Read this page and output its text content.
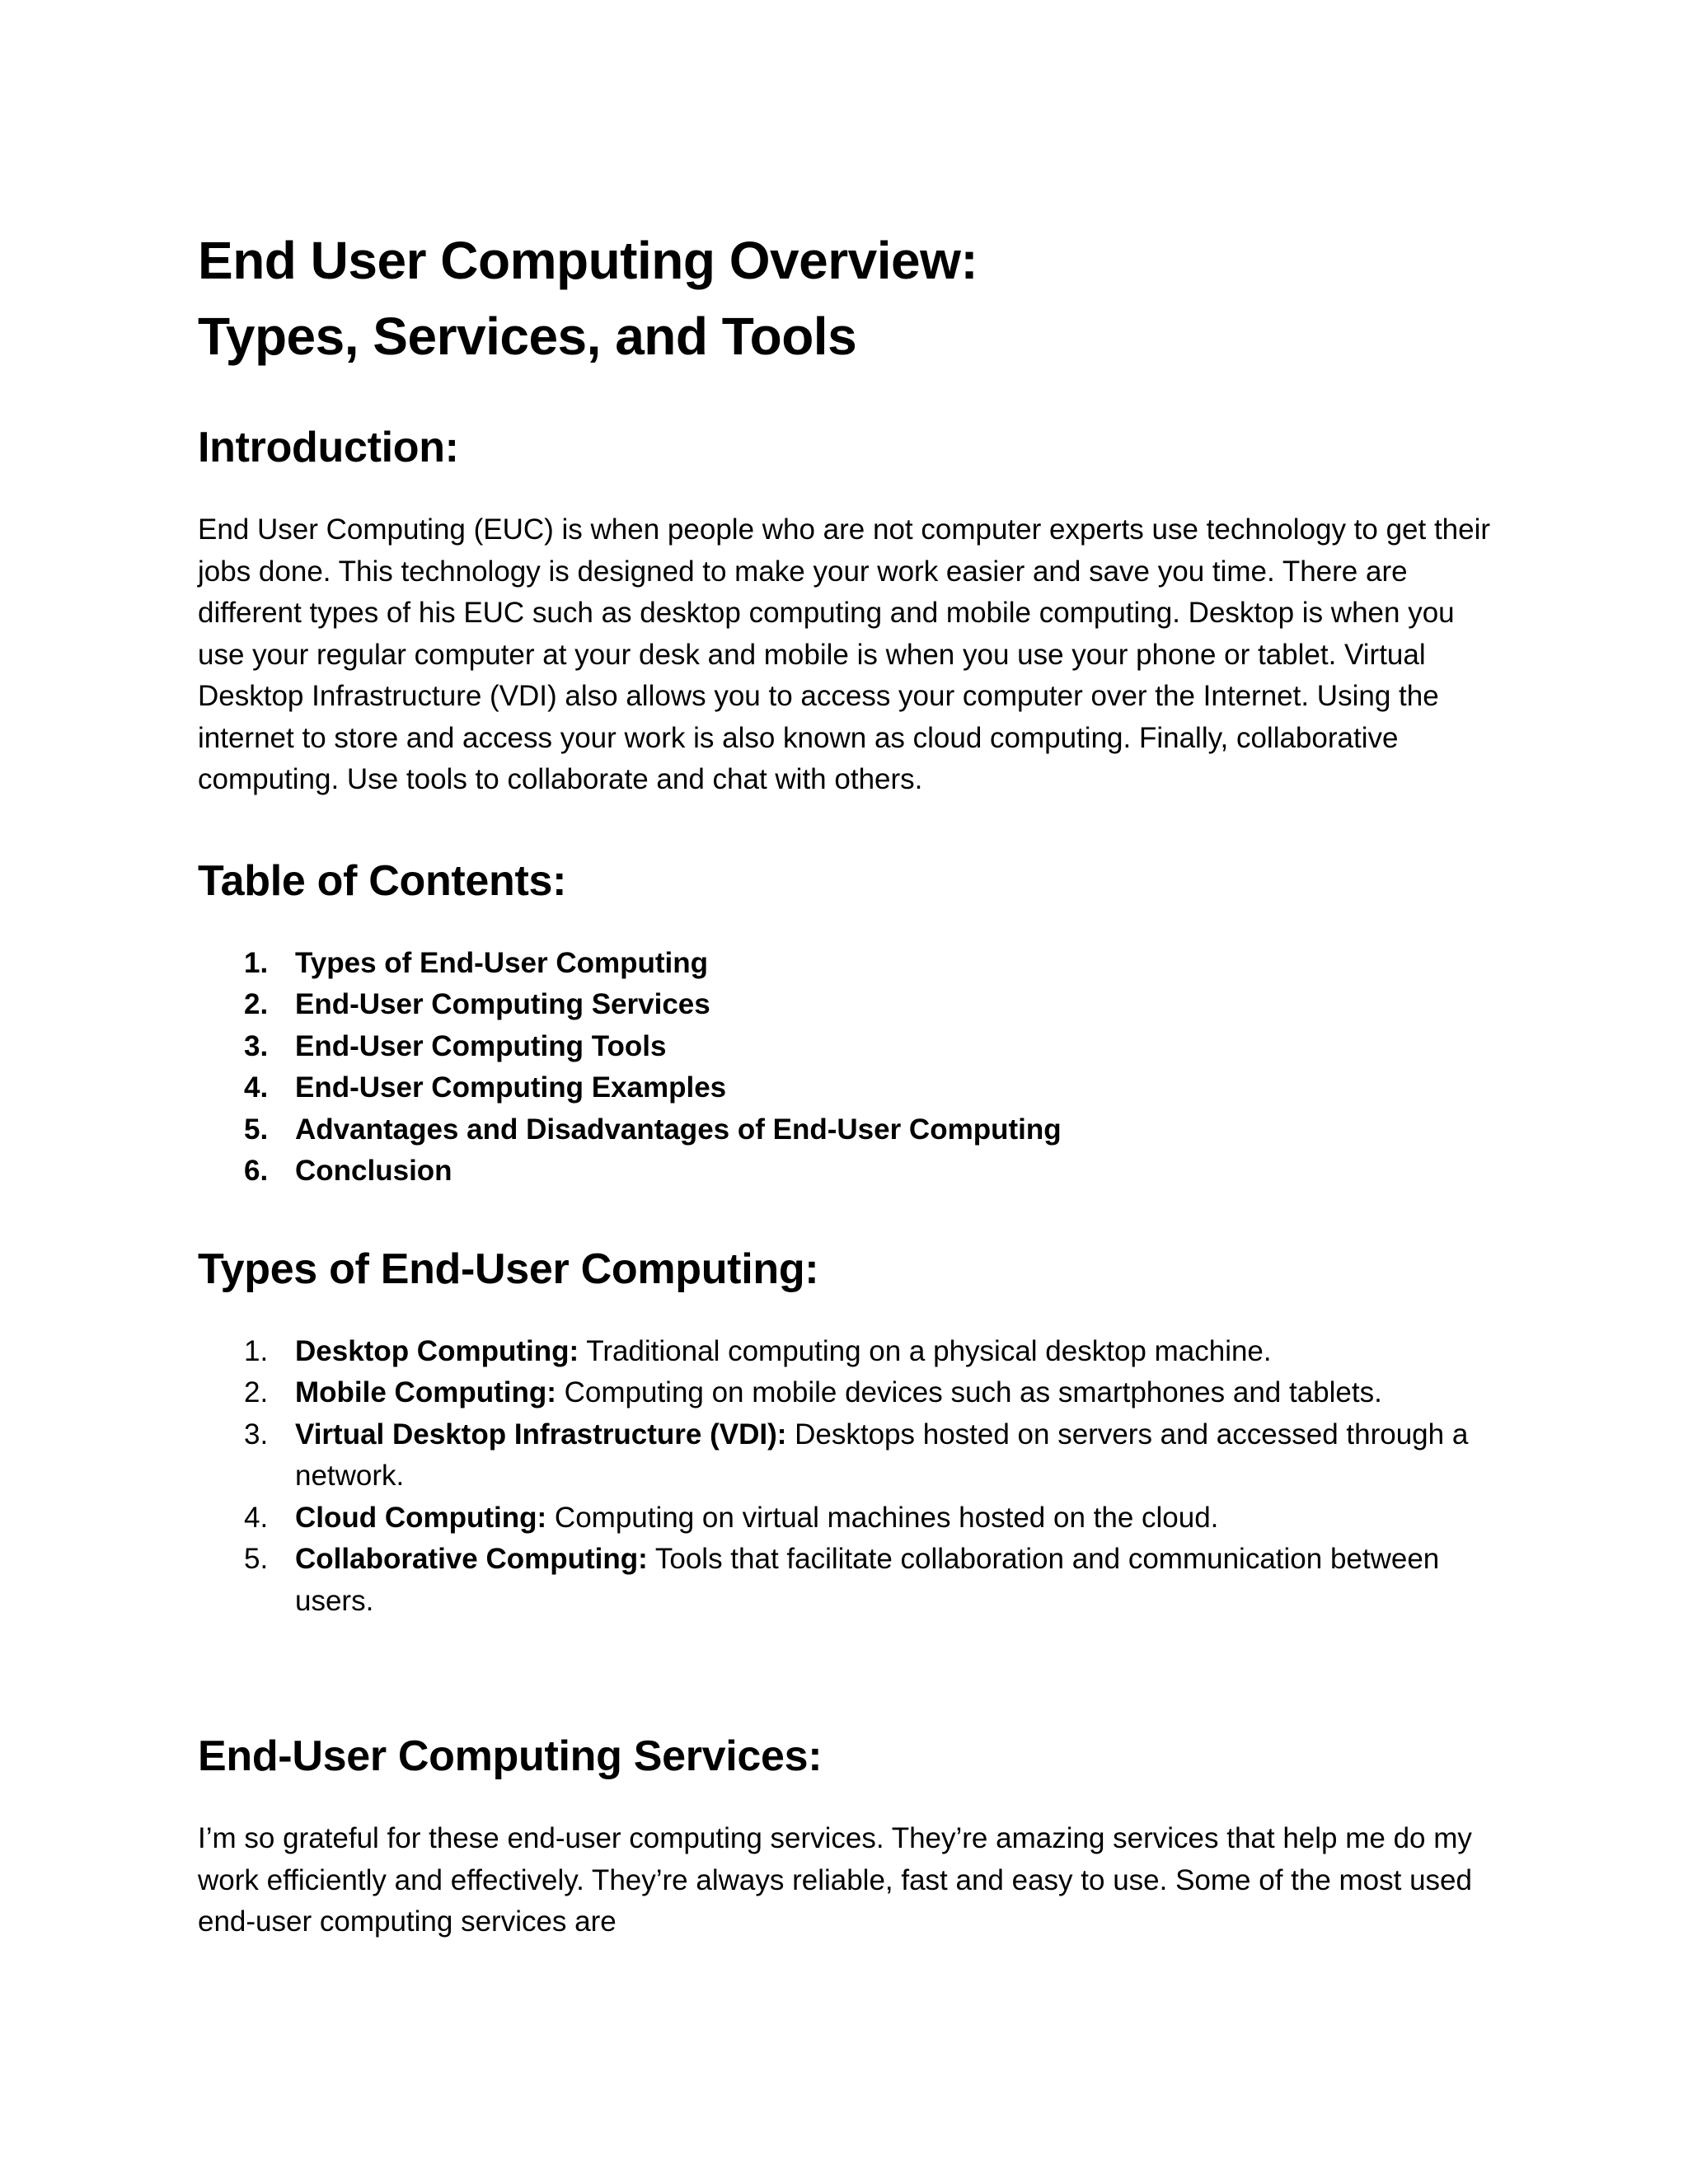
End User Computing Overview:
Types, Services, and Tools
Introduction:

End User Computing (EUC) is when people who are not computer experts use technology to get their jobs done. This technology is designed to make your work easier and save you time. There are different types of his EUC such as desktop computing and mobile computing. Desktop is when you use your regular computer at your desk and mobile is when you use your phone or tablet. Virtual Desktop Infrastructure (VDI) also allows you to access your computer over the Internet. Using the internet to store and access your work is also known as cloud computing. Finally, collaborative computing. Use tools to collaborate and chat with others.

Table of Contents:
1. Types of End-User Computing
2. End-User Computing Services
3. End-User Computing Tools
4. End-User Computing Examples
5. Advantages and Disadvantages of End-User Computing
6. Conclusion
Types of End-User Computing:
1. Desktop Computing: Traditional computing on a physical desktop machine.
2. Mobile Computing: Computing on mobile devices such as smartphones and tablets.
3. Virtual Desktop Infrastructure (VDI): Desktops hosted on servers and accessed through a network.
4. Cloud Computing: Computing on virtual machines hosted on the cloud.
5. Collaborative Computing: Tools that facilitate collaboration and communication between users.
End-User Computing Services:

I’m so grateful for these end-user computing services. They’re amazing services that help me do my work efficiently and effectively. They’re always reliable, fast and easy to use. Some of the most used end-user computing services are
